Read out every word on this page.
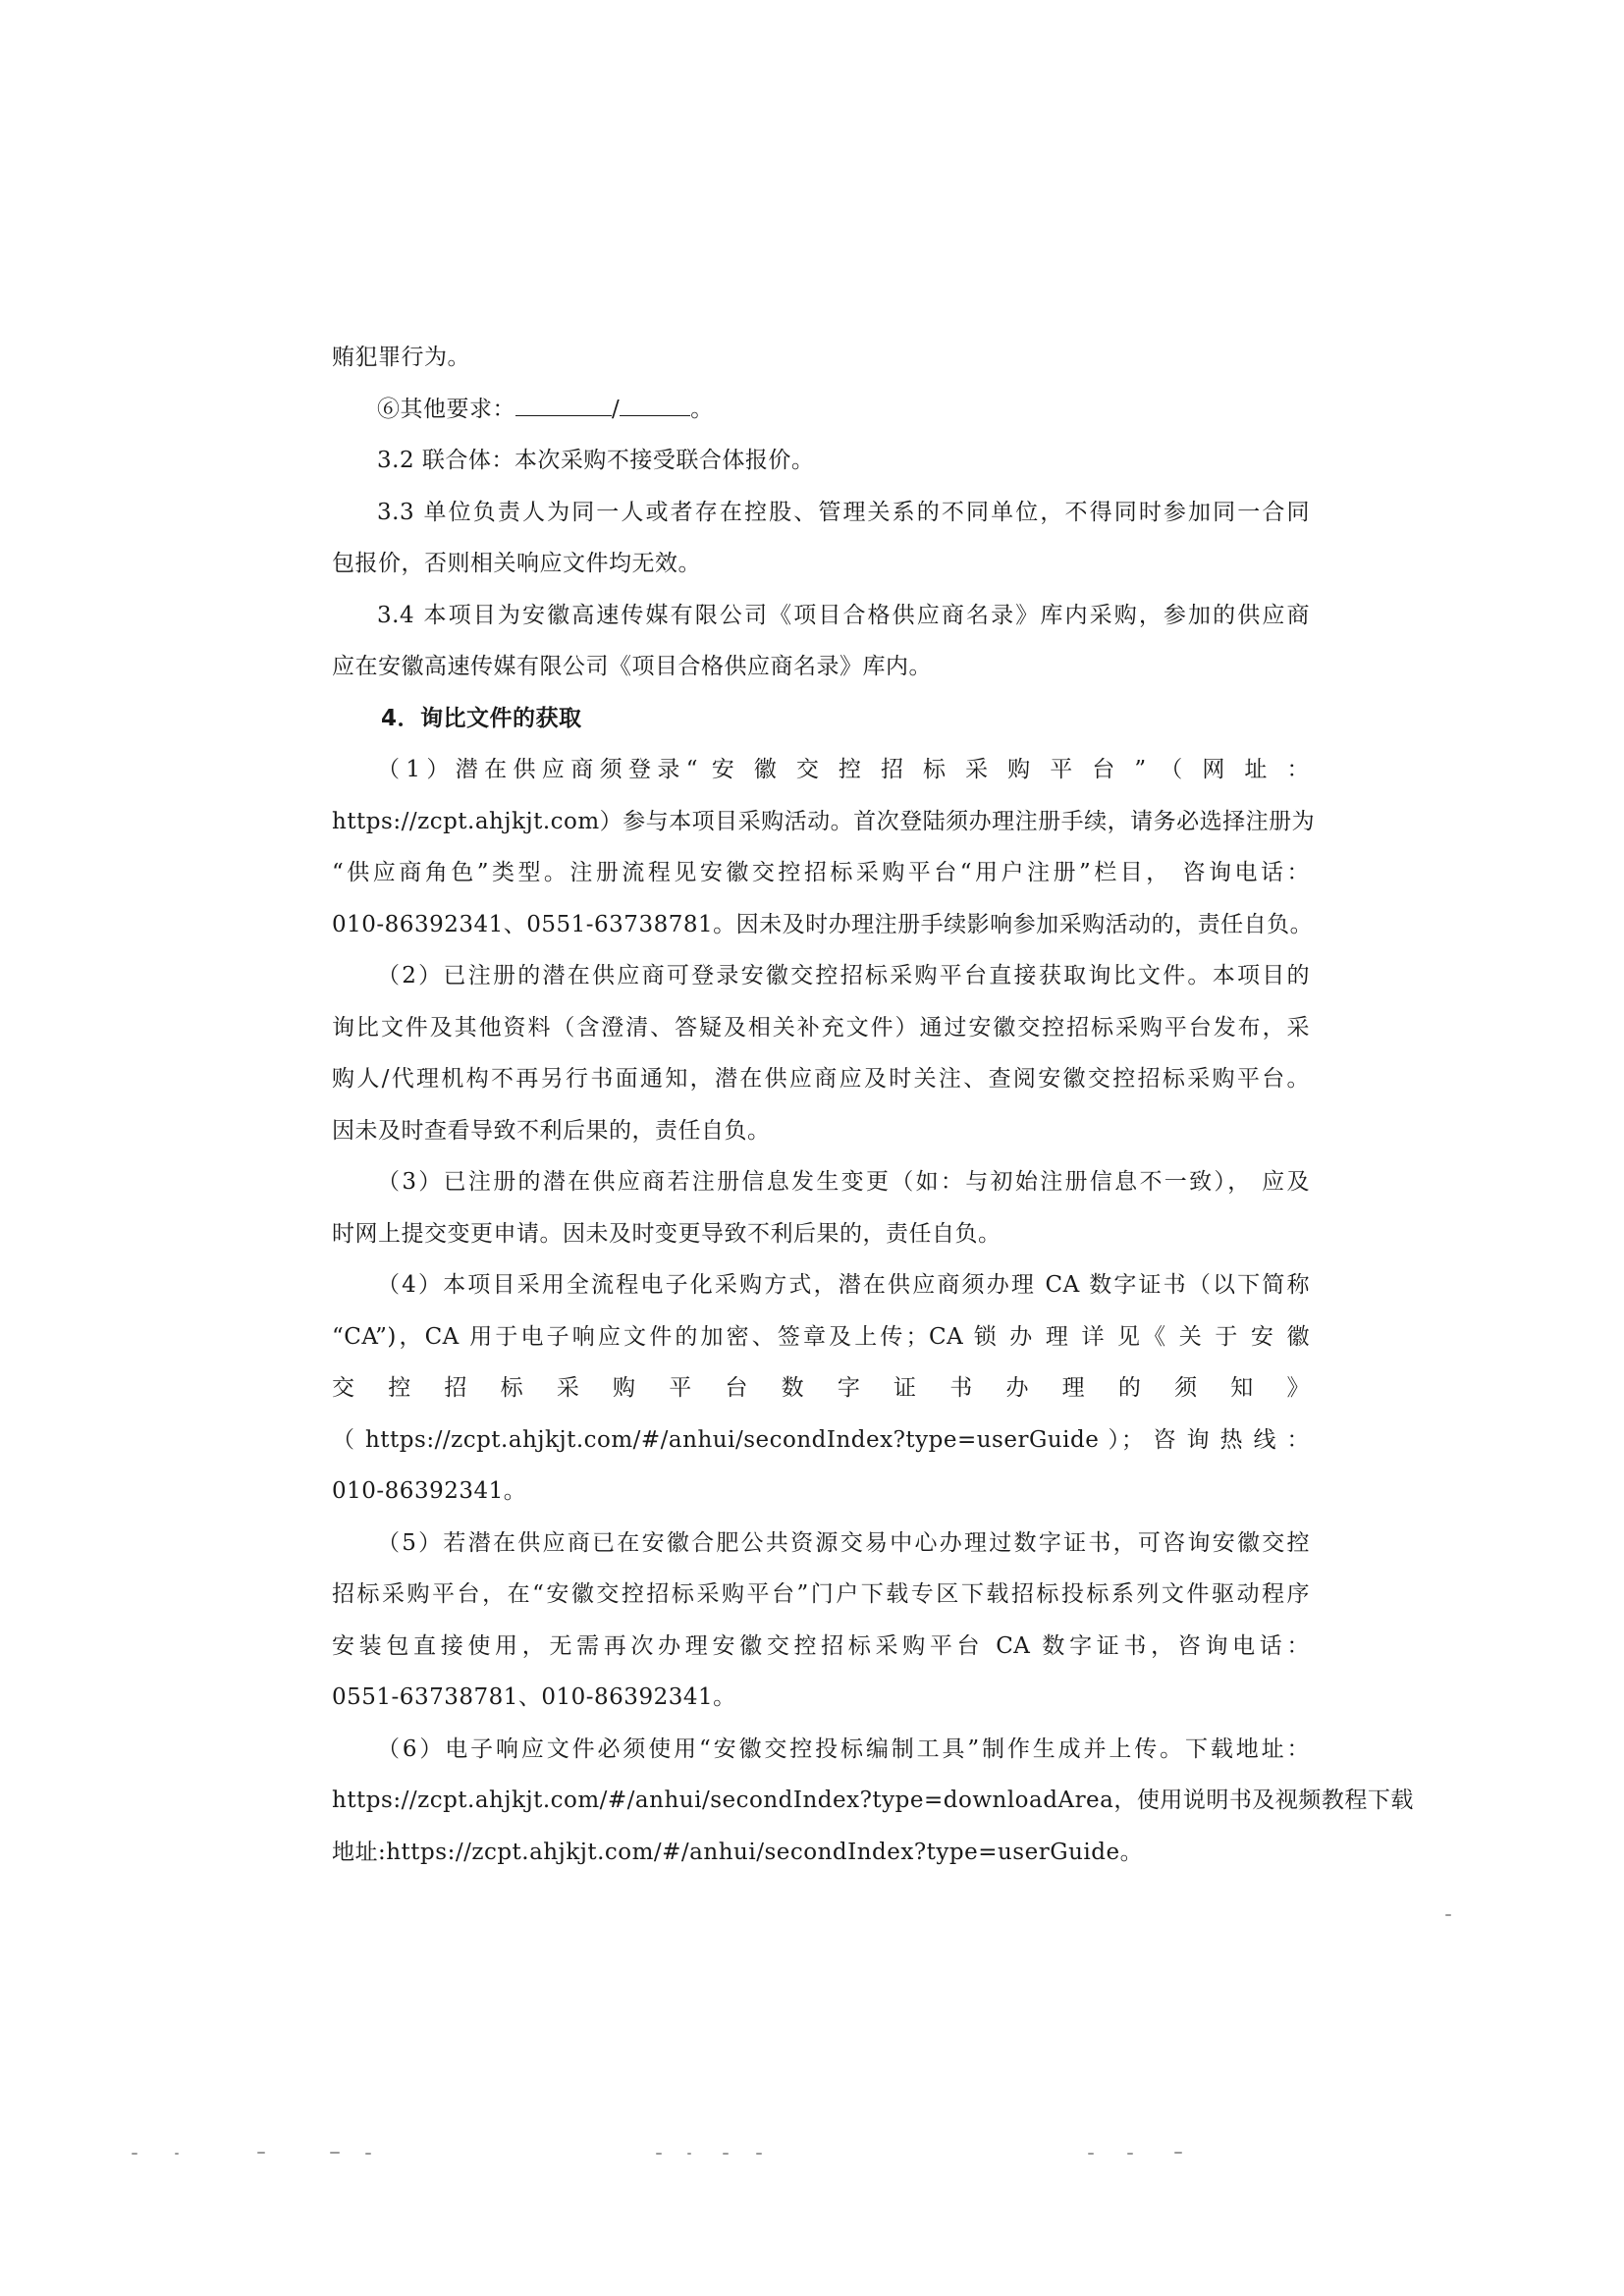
贿犯罪行为。
⑥其他要求：	/	。
3.2 联合体：本次采购不接受联合体报价。
3.3 单位负责人为同一人或者存在控股、管理关系的不同单位，不得同时参加同一合同
包报价，否则相关响应文件均无效。
3.4 本项目为安徽高速传媒有限公司《项目合格供应商名录》库内采购，参加的供应商
应在安徽高速传媒有限公司《项目合格供应商名录》库内。
4．询比文件的获取
（1）潜在供应商须登录“ 安 徽 交 控 招 标 采 购 平 台 ” （ 网 址 ：
https://zcpt.ahjkjt.com）参与本项目采购活动。首次登陆须办理注册手续，请务必选择注册为
“供应商角色”类型。注册流程见安徽交控招标采购平台“用户注册”栏目， 咨询电话：
010-86392341、0551-63738781。因未及时办理注册手续影响参加采购活动的，责任自负。
（2）已注册的潜在供应商可登录安徽交控招标采购平台直接获取询比文件。本项目的
询比文件及其他资料（含澄清、答疑及相关补充文件）通过安徽交控招标采购平台发布，采
购人/代理机构不再另行书面通知，潜在供应商应及时关注、查阅安徽交控招标采购平台。
因未及时查看导致不利后果的，责任自负。
（3）已注册的潜在供应商若注册信息发生变更（如：与初始注册信息不一致）， 应及
时网上提交变更申请。因未及时变更导致不利后果的，责任自负。
（4）本项目采用全流程电子化采购方式，潜在供应商须办理 CA 数字证书（以下简称
“CA”)，CA 用于电子响应文件的加密、签章及上传；CA 锁 办 理 详 见《 关 于 安 徽
交 控 招 标 采 购 平 台 数 字 证 书 办 理 的 须 知 》
（ https://zcpt.ahjkjt.com/#/anhui/secondIndex?type=userGuide ）； 咨 询 热 线 ：
010-86392341。
（5）若潜在供应商已在安徽合肥公共资源交易中心办理过数字证书，可咨询安徽交控
招标采购平台，在“安徽交控招标采购平台”门户下载专区下载招标投标系列文件驱动程序
安装包直接使用，无需再次办理安徽交控招标采购平台 CA 数字证书，咨询电话：
0551-63738781、010-86392341。
（6）电子响应文件必须使用“安徽交控投标编制工具”制作生成并上传。下载地址：
https://zcpt.ahjkjt.com/#/anhui/secondIndex?type=downloadArea，使用说明书及视频教程下载
地址:https://zcpt.ahjkjt.com/#/anhui/secondIndex?type=userGuide。
